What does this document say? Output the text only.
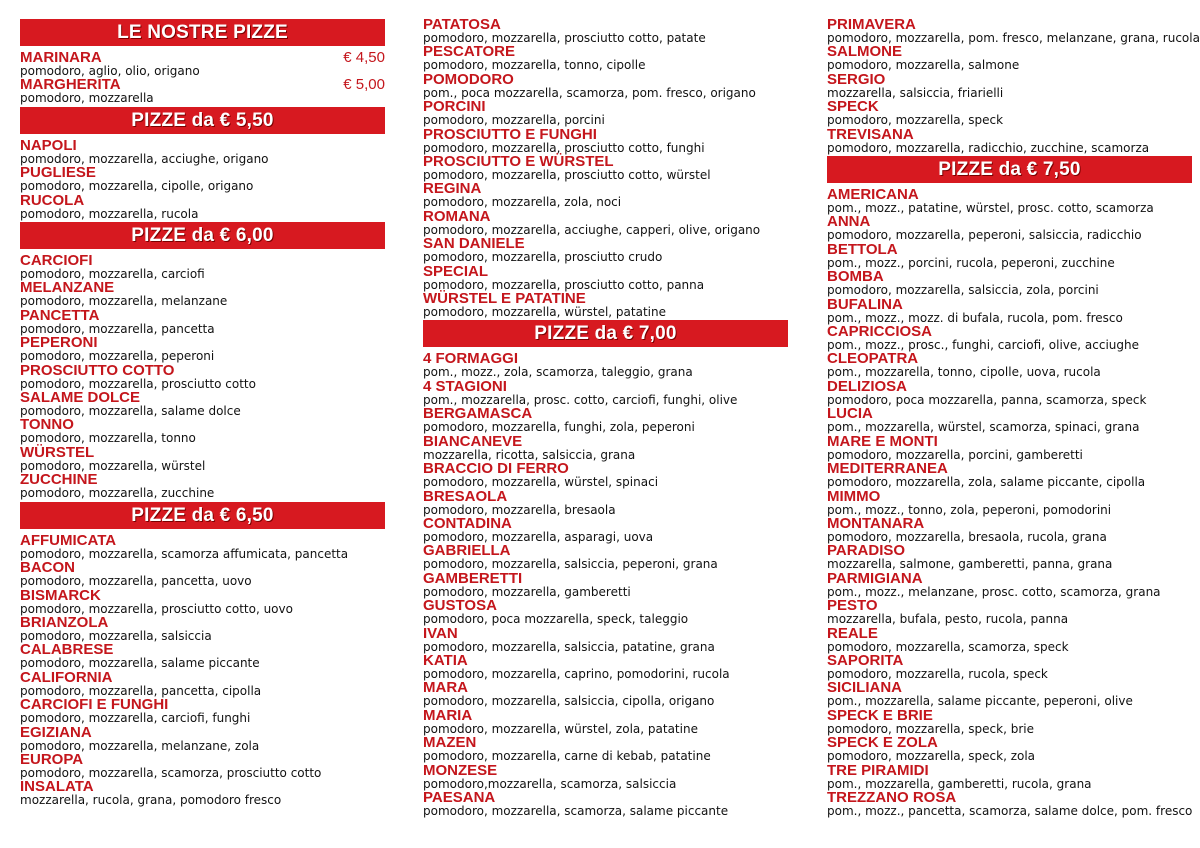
LE NOSTRE PIZZE
MARINARA	€ 4,50
pomodoro, aglio, olio, origano
MARGHERITA	€ 5,00
pomodoro, mozzarella
PIZZE da € 5,50
NAPOLI
pomodoro, mozzarella, acciughe, origano
PUGLIESE
pomodoro, mozzarella, cipolle, origano
RUCOLA
pomodoro, mozzarella, rucola
PIZZE da € 6,00
CARCIOFI
pomodoro, mozzarella, carciofi
MELANZANE
pomodoro, mozzarella, melanzane
PANCETTA
pomodoro, mozzarella, pancetta
PEPERONI
pomodoro, mozzarella, peperoni
PROSCIUTTO COTTO
pomodoro, mozzarella, prosciutto cotto
SALAME DOLCE
pomodoro, mozzarella, salame dolce
TONNO
pomodoro, mozzarella, tonno
WÜRSTEL
pomodoro, mozzarella, würstel
ZUCCHINE
pomodoro, mozzarella, zucchine
PIZZE da € 6,50
AFFUMICATA
pomodoro, mozzarella, scamorza affumicata, pancetta
BACON
pomodoro, mozzarella, pancetta, uovo
BISMARCK
pomodoro, mozzarella, prosciutto cotto, uovo
BRIANZOLA
pomodoro, mozzarella, salsiccia
CALABRESE
pomodoro, mozzarella, salame piccante
CALIFORNIA
pomodoro, mozzarella, pancetta, cipolla
CARCIOFI E FUNGHI
pomodoro, mozzarella, carciofi, funghi
EGIZIANA
pomodoro, mozzarella, melanzane, zola
EUROPA
pomodoro, mozzarella, scamorza, prosciutto cotto
INSALATA
mozzarella, rucola, grana, pomodoro fresco
PATATOSA
pomodoro, mozzarella, prosciutto cotto, patate
PESCATORE
pomodoro, mozzarella, tonno, cipolle
POMODORO
pom., poca mozzarella, scamorza, pom. fresco, origano
PORCINI
pomodoro, mozzarella, porcini
PROSCIUTTO E FUNGHI
pomodoro, mozzarella, prosciutto cotto, funghi
PROSCIUTTO E WÜRSTEL
pomodoro, mozzarella, prosciutto cotto, würstel
REGINA
pomodoro, mozzarella, zola, noci
ROMANA
pomodoro, mozzarella, acciughe, capperi, olive, origano
SAN DANIELE
pomodoro, mozzarella, prosciutto crudo
SPECIAL
pomodoro, mozzarella, prosciutto cotto, panna
WÜRSTEL E PATATINE
pomodoro, mozzarella, würstel, patatine
PIZZE da € 7,00
4 FORMAGGI
pom., mozz., zola, scamorza, taleggio, grana
4 STAGIONI
pom., mozzarella, prosc. cotto, carciofi, funghi, olive
BERGAMASCA
pomodoro, mozzarella, funghi, zola, peperoni
BIANCANEVE
mozzarella, ricotta, salsiccia, grana
BRACCIO DI FERRO
pomodoro, mozzarella, würstel, spinaci
BRESAOLA
pomodoro, mozzarella, bresaola
CONTADINA
pomodoro, mozzarella, asparagi, uova
GABRIELLA
pomodoro, mozzarella, salsiccia, peperoni, grana
GAMBERETTI
pomodoro, mozzarella, gamberetti
GUSTOSA
pomodoro, poca mozzarella, speck, taleggio
IVAN
pomodoro, mozzarella, salsiccia, patatine, grana
KATIA
pomodoro, mozzarella, caprino, pomodorini, rucola
MARA
pomodoro, mozzarella, salsiccia, cipolla, origano
MARIA
pomodoro, mozzarella, würstel, zola, patatine
MAZEN
pomodoro, mozzarella, carne di kebab, patatine
MONZESE
pomodoro,mozzarella, scamorza, salsiccia
PAESANA
pomodoro, mozzarella, scamorza, salame piccante
PRIMAVERA
pomodoro, mozzarella, pom. fresco, melanzane, grana, rucola
SALMONE
pomodoro, mozzarella, salmone
SERGIO
mozzarella, salsiccia, friarielli
SPECK
pomodoro, mozzarella, speck
TREVISANA
pomodoro, mozzarella, radicchio, zucchine, scamorza
PIZZE da € 7,50
AMERICANA
pom., mozz., patatine, würstel, prosc. cotto, scamorza
ANNA
pomodoro, mozzarella, peperoni, salsiccia, radicchio
BETTOLA
pom., mozz., porcini, rucola, peperoni, zucchine
BOMBA
pomodoro, mozzarella, salsiccia, zola, porcini
BUFALINA
pom., mozz., mozz. di bufala, rucola, pom. fresco
CAPRICCIOSA
pom., mozz., prosc., funghi, carciofi, olive, acciughe
CLEOPATRA
pom., mozzarella, tonno, cipolle, uova, rucola
DELIZIOSA
pomodoro, poca mozzarella, panna, scamorza, speck
LUCIA
pom., mozzarella, würstel, scamorza, spinaci, grana
MARE E MONTI
pomodoro, mozzarella, porcini, gamberetti
MEDITERRANEA
pomodoro, mozzarella, zola, salame piccante, cipolla
MIMMO
pom., mozz., tonno, zola, peperoni, pomodorini
MONTANARA
pomodoro, mozzarella, bresaola, rucola, grana
PARADISO
mozzarella, salmone, gamberetti, panna, grana
PARMIGIANA
pom., mozz., melanzane, prosc. cotto, scamorza, grana
PESTO
mozzarella, bufala, pesto, rucola, panna
REALE
pomodoro, mozzarella, scamorza, speck
SAPORITA
pomodoro, mozzarella, rucola, speck
SICILIANA
pom., mozzarella, salame piccante, peperoni, olive
SPECK E BRIE
pomodoro, mozzarella, speck, brie
SPECK E ZOLA
pomodoro, mozzarella, speck, zola
TRE PIRAMIDI
pom., mozzarella, gamberetti, rucola, grana
TREZZANO ROSA
pom., mozz., pancetta, scamorza, salame dolce, pom. fresco
